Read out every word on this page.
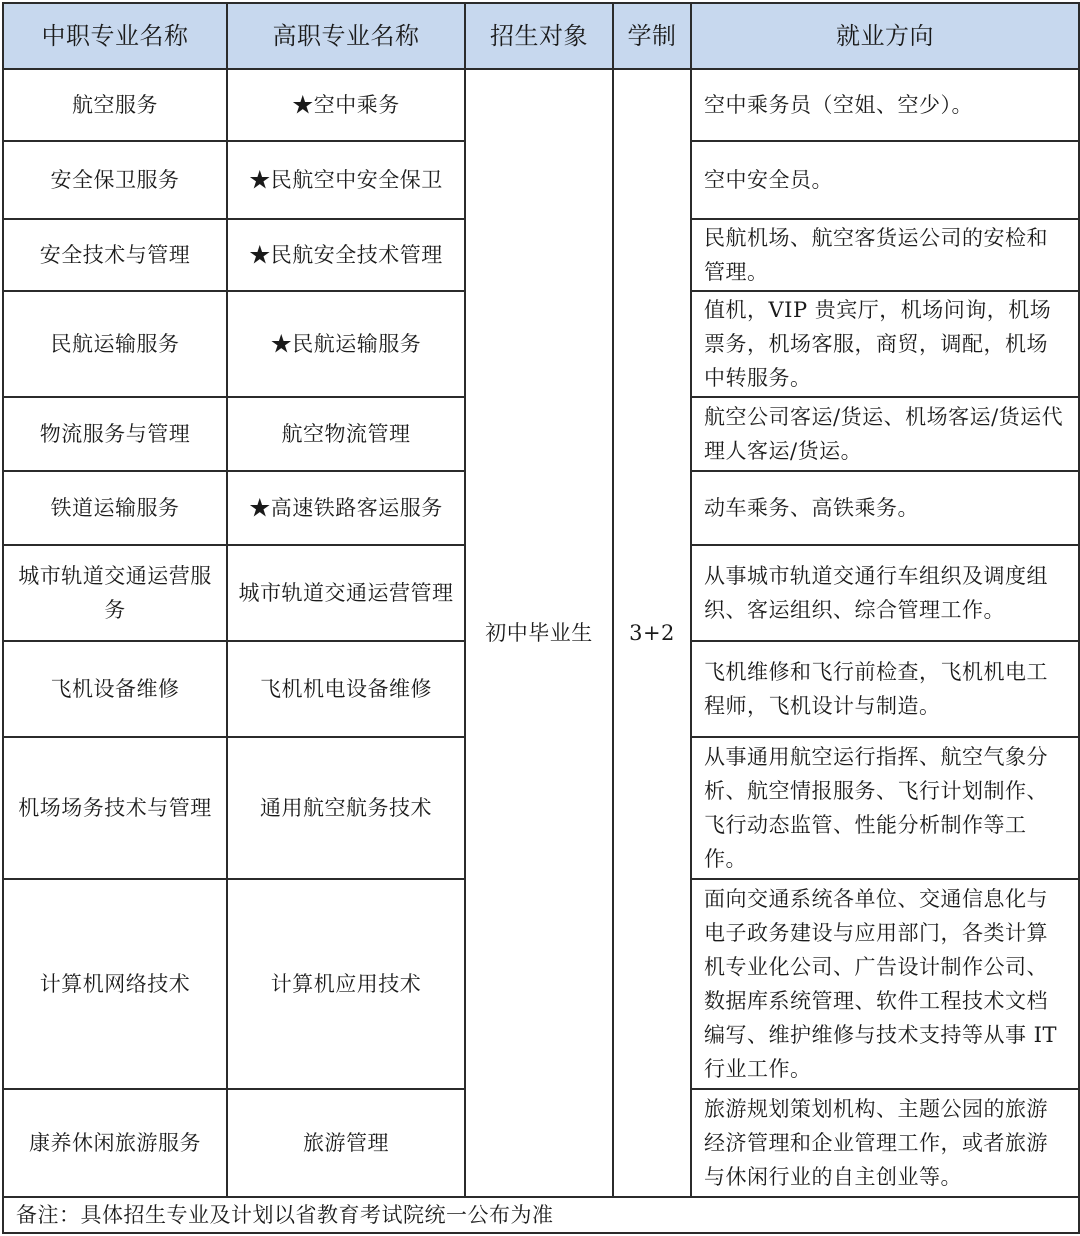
中职专业名称	高职专业名称	招生对象	学制	就业方向
航空服务	★空中乘务	初中毕业生	3+2	空中乘务员（空姐、空少）。
安全保卫服务	★民航空中安全保卫			空中安全员。
安全技术与管理	★民航安全技术管理			民航机场、航空客货运公司的安检和管理。
民航运输服务	★民航运输服务			值机，VIP 贵宾厅，机场问询，机场票务，机场客服，商贸，调配，机场中转服务。
物流服务与管理	航空物流管理			航空公司客运/货运、机场客运/货运代理人客运/货运。
铁道运输服务	★高速铁路客运服务			动车乘务、高铁乘务。
城市轨道交通运营服务	城市轨道交通运营管理			从事城市轨道交通行车组织及调度组织、客运组织、综合管理工作。
飞机设备维修	飞机机电设备维修			飞机维修和飞行前检查，飞机机电工程师，飞机设计与制造。
机场场务技术与管理	通用航空航务技术			从事通用航空运行指挥、航空气象分析、航空情报服务、飞行计划制作、飞行动态监管、性能分析制作等工作。
计算机网络技术	计算机应用技术			面向交通系统各单位、交通信息化与电子政务建设与应用部门，各类计算机专业化公司、广告设计制作公司、数据库系统管理、软件工程技术文档编写、维护维修与技术支持等从事 IT 行业工作。
康养休闲旅游服务	旅游管理			旅游规划策划机构、主题公园的旅游经济管理和企业管理工作，或者旅游与休闲行业的自主创业等。
备注：具体招生专业及计划以省教育考试院统一公布为准				
